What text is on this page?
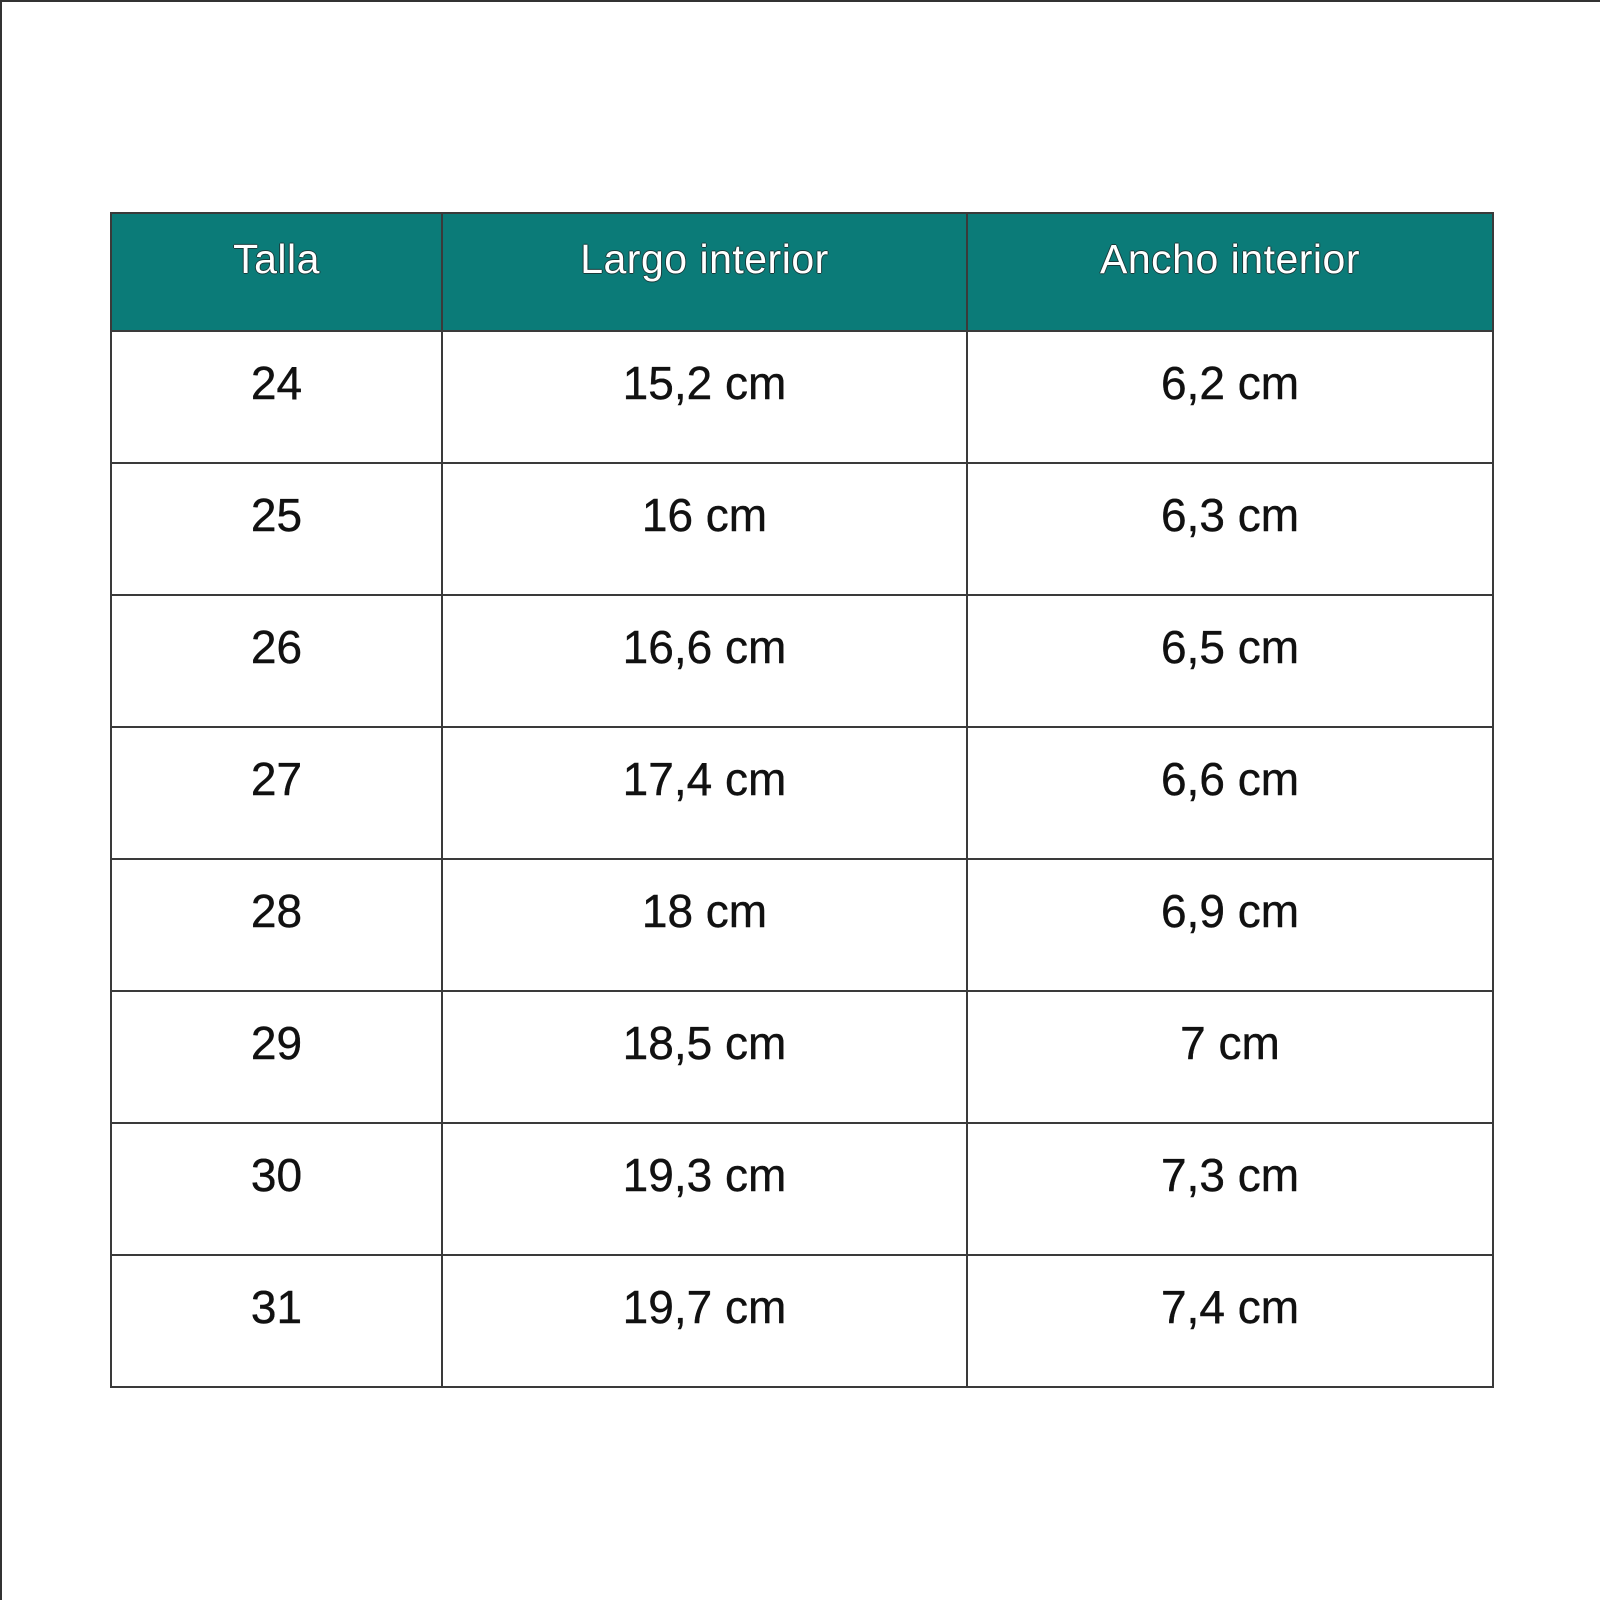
Talla	Largo interior	Ancho interior
24	15,2 cm	6,2 cm
25	16 cm	6,3 cm
26	16,6 cm	6,5 cm
27	17,4 cm	6,6 cm
28	18 cm	6,9 cm
29	18,5 cm	7 cm
30	19,3 cm	7,3 cm
31	19,7 cm	7,4 cm
